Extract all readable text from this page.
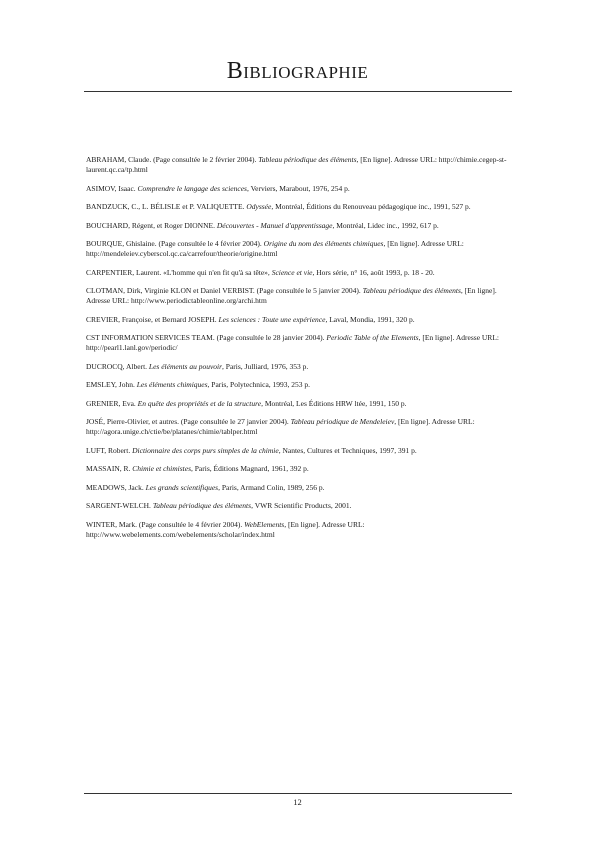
Bibliographie

ABRAHAM, Claude. (Page consultée le 2 février 2004). Tableau périodique des éléments, [En ligne]. Adresse URL: http://chimie.cegep-st-laurent.qc.ca/tp.html

ASIMOV, Isaac. Comprendre le langage des sciences, Verviers, Marabout, 1976, 254 p.

BANDZUCK, C., L. BÉLISLE et P. VALIQUETTE. Odyssée, Montréal, Éditions du Renouveau pédagogique inc., 1991, 527 p.

BOUCHARD, Régent, et Roger DIONNE. Découvertes - Manuel d'apprentissage, Montréal, Lidec inc., 1992, 617 p.

BOURQUE, Ghislaine. (Page consultée le 4 février 2004). Origine du nom des éléments chimiques, [En ligne]. Adresse URL: http://mendeleiev.cyberscol.qc.ca/carrefour/theorie/origine.html

CARPENTIER, Laurent. «L'homme qui n'en fit qu'à sa tête», Science et vie, Hors série, n° 16, août 1993, p. 18 - 20.

CLOTMAN, Dirk, Virginie KLON et Daniel VERBIST. (Page consultée le 5 janvier 2004). Tableau périodique des éléments, [En ligne]. Adresse URL: http://www.periodictableonline.org/archi.htm

CREVIER, Françoise, et Bernard JOSEPH. Les sciences : Toute une expérience, Laval, Mondia, 1991, 320 p.

CST INFORMATION SERVICES TEAM. (Page consultée le 28 janvier 2004). Periodic Table of the Elements, [En ligne]. Adresse URL: http://pearl1.lanl.gov/periodic/

DUCROCQ, Albert. Les éléments au pouvoir, Paris, Julliard, 1976, 353 p.

EMSLEY, John. Les éléments chimiques, Paris, Polytechnica, 1993, 253 p.

GRENIER, Eva. En quête des propriétés et de la structure, Montréal, Les Éditions HRW ltée, 1991, 150 p.

JOSÉ, Pierre-Olivier, et autres. (Page consultée le 27 janvier 2004). Tableau périodique de Mendeleiev, [En ligne]. Adresse URL: http://agora.unige.ch/ctie/be/platanes/chimie/tablper.html

LUFT, Robert. Dictionnaire des corps purs simples de la chimie, Nantes, Cultures et Techniques, 1997, 391 p.

MASSAIN, R. Chimie et chimistes, Paris, Éditions Magnard, 1961, 392 p.

MEADOWS, Jack. Les grands scientifiques, Paris, Armand Colin, 1989, 256 p.

SARGENT-WELCH. Tableau périodique des éléments, VWR Scientific Products, 2001.

WINTER, Mark. (Page consultée le 4 février 2004). WebElements, [En ligne]. Adresse URL: http://www.webelements.com/webelements/scholar/index.html

12
